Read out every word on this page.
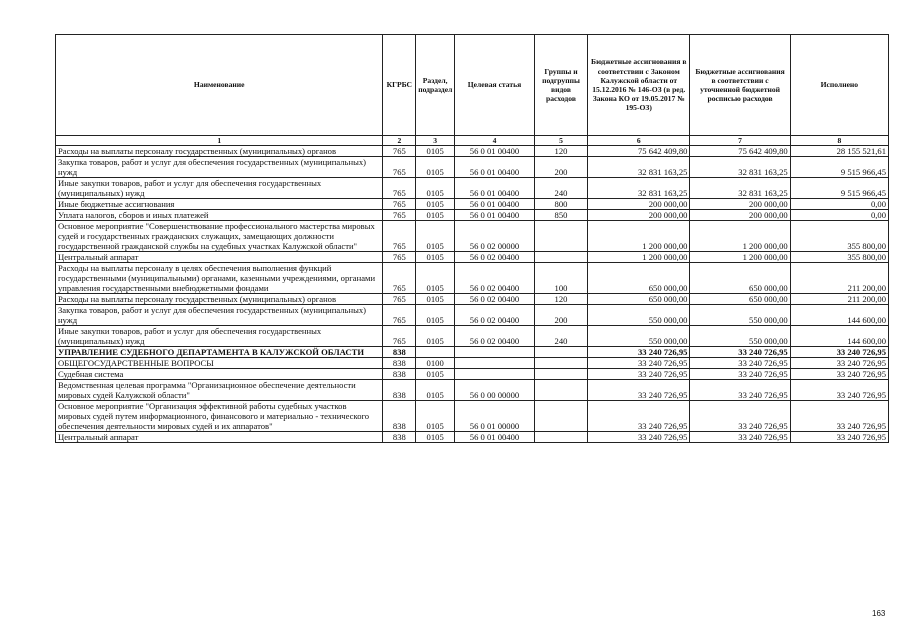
Наименование	КГРБС	Раздел, подраздел	Целевая статья	Группы и подгруппы видов расходов	Бюджетные ассигнования в соответствии с Законом Калужской области от 15.12.2016 № 146-ОЗ (в ред. Закона КО от 19.05.2017 № 195-ОЗ)	Бюджетные ассигнования в соответствии с уточненной бюджетной росписью расходов	Исполнено
1	2	3	4	5	6	7	8
Расходы на выплаты персоналу государственных (муниципальных) органов	765	0105	56 0 01 00400	120	75 642 409,80	75 642 409,80	28 155 521,61
Закупка товаров, работ и услуг для обеспечения государственных (муниципальных) нужд	765	0105	56 0 01 00400	200	32 831 163,25	32 831 163,25	9 515 966,45
Иные закупки товаров, работ и услуг для обеспечения государственных (муниципальных) нужд	765	0105	56 0 01 00400	240	32 831 163,25	32 831 163,25	9 515 966,45
Иные бюджетные ассигнования	765	0105	56 0 01 00400	800	200 000,00	200 000,00	0,00
Уплата налогов, сборов и иных платежей	765	0105	56 0 01 00400	850	200 000,00	200 000,00	0,00
Основное мероприятие "Совершенствование профессионального мастерства мировых судей и государственных гражданских служащих, замещающих должности государственной гражданской службы на судебных участках Калужской области"	765	0105	56 0 02 00000		1 200 000,00	1 200 000,00	355 800,00
Центральный аппарат	765	0105	56 0 02 00400		1 200 000,00	1 200 000,00	355 800,00
Расходы на выплаты персоналу в целях обеспечения выполнения функций государственными (муниципальными) органами, казенными учреждениями, органами управления государственными внебюджетными фондами	765	0105	56 0 02 00400	100	650 000,00	650 000,00	211 200,00
Расходы на выплаты персоналу государственных (муниципальных) органов	765	0105	56 0 02 00400	120	650 000,00	650 000,00	211 200,00
Закупка товаров, работ и услуг для обеспечения государственных (муниципальных) нужд	765	0105	56 0 02 00400	200	550 000,00	550 000,00	144 600,00
Иные закупки товаров, работ и услуг для обеспечения государственных (муниципальных) нужд	765	0105	56 0 02 00400	240	550 000,00	550 000,00	144 600,00
УПРАВЛЕНИЕ СУДЕБНОГО ДЕПАРТАМЕНТА В КАЛУЖСКОЙ ОБЛАСТИ	838				33 240 726,95	33 240 726,95	33 240 726,95
ОБЩЕГОСУДАРСТВЕННЫЕ ВОПРОСЫ	838	0100			33 240 726,95	33 240 726,95	33 240 726,95
Судебная система	838	0105			33 240 726,95	33 240 726,95	33 240 726,95
Ведомственная целевая программа "Организационное обеспечение деятельности мировых судей Калужской области"	838	0105	56 0 00 00000		33 240 726,95	33 240 726,95	33 240 726,95
Основное мероприятие "Организация эффективной работы судебных участков мировых судей путем информационного, финансового и материально - технического обеспечения деятельности мировых судей и их аппаратов"	838	0105	56 0 01 00000		33 240 726,95	33 240 726,95	33 240 726,95
Центральный аппарат	838	0105	56 0 01 00400		33 240 726,95	33 240 726,95	33 240 726,95
163
